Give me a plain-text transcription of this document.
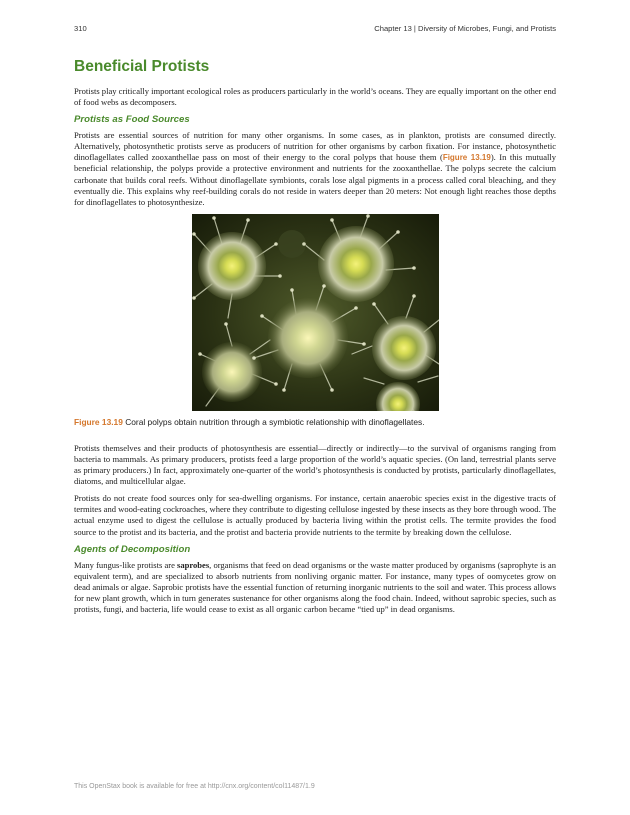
310	Chapter 13 | Diversity of Microbes, Fungi, and Protists
Beneficial Protists

Protists play critically important ecological roles as producers particularly in the world’s oceans. They are equally important on the other end of food webs as decomposers.

Protists as Food Sources

Protists are essential sources of nutrition for many other organisms. In some cases, as in plankton, protists are consumed directly. Alternatively, photosynthetic protists serve as producers of nutrition for other organisms by carbon fixation. For instance, photosynthetic dinoflagellates called zooxanthellae pass on most of their energy to the coral polyps that house them (Figure 13.19). In this mutually beneficial relationship, the polyps provide a protective environment and nutrients for the zooxanthellae. The polyps secrete the calcium carbonate that builds coral reefs. Without dinoflagellate symbionts, corals lose algal pigments in a process called coral bleaching, and they eventually die. This explains why reef-building corals do not reside in waters deeper than 20 meters: Not enough light reaches those depths for dinoflagellates to photosynthesize.

Figure 13.19 Coral polyps obtain nutrition through a symbiotic relationship with dinoflagellates.

Protists themselves and their products of photosynthesis are essential—directly or indirectly—to the survival of organisms ranging from bacteria to mammals. As primary producers, protists feed a large proportion of the world’s aquatic species. (On land, terrestrial plants serve as primary producers.) In fact, approximately one-quarter of the world’s photosynthesis is conducted by protists, particularly dinoflagellates, diatoms, and multicellular algae.

Protists do not create food sources only for sea-dwelling organisms. For instance, certain anaerobic species exist in the digestive tracts of termites and wood-eating cockroaches, where they contribute to digesting cellulose ingested by these insects as they bore through wood. The actual enzyme used to digest the cellulose is actually produced by bacteria living within the protist cells. The termite provides the food source to the protist and its bacteria, and the protist and bacteria provide nutrients to the termite by breaking down the cellulose.

Agents of Decomposition

Many fungus-like protists are saprobes, organisms that feed on dead organisms or the waste matter produced by organisms (saprophyte is an equivalent term), and are specialized to absorb nutrients from nonliving organic matter. For instance, many types of oomycetes grow on dead animals or algae. Saprobic protists have the essential function of returning inorganic nutrients to the soil and water. This process allows for new plant growth, which in turn generates sustenance for other organisms along the food chain. Indeed, without saprobic species, such as protists, fungi, and bacteria, life would cease to exist as all organic carbon became “tied up” in dead organisms.

This OpenStax book is available for free at http://cnx.org/content/col11487/1.9
